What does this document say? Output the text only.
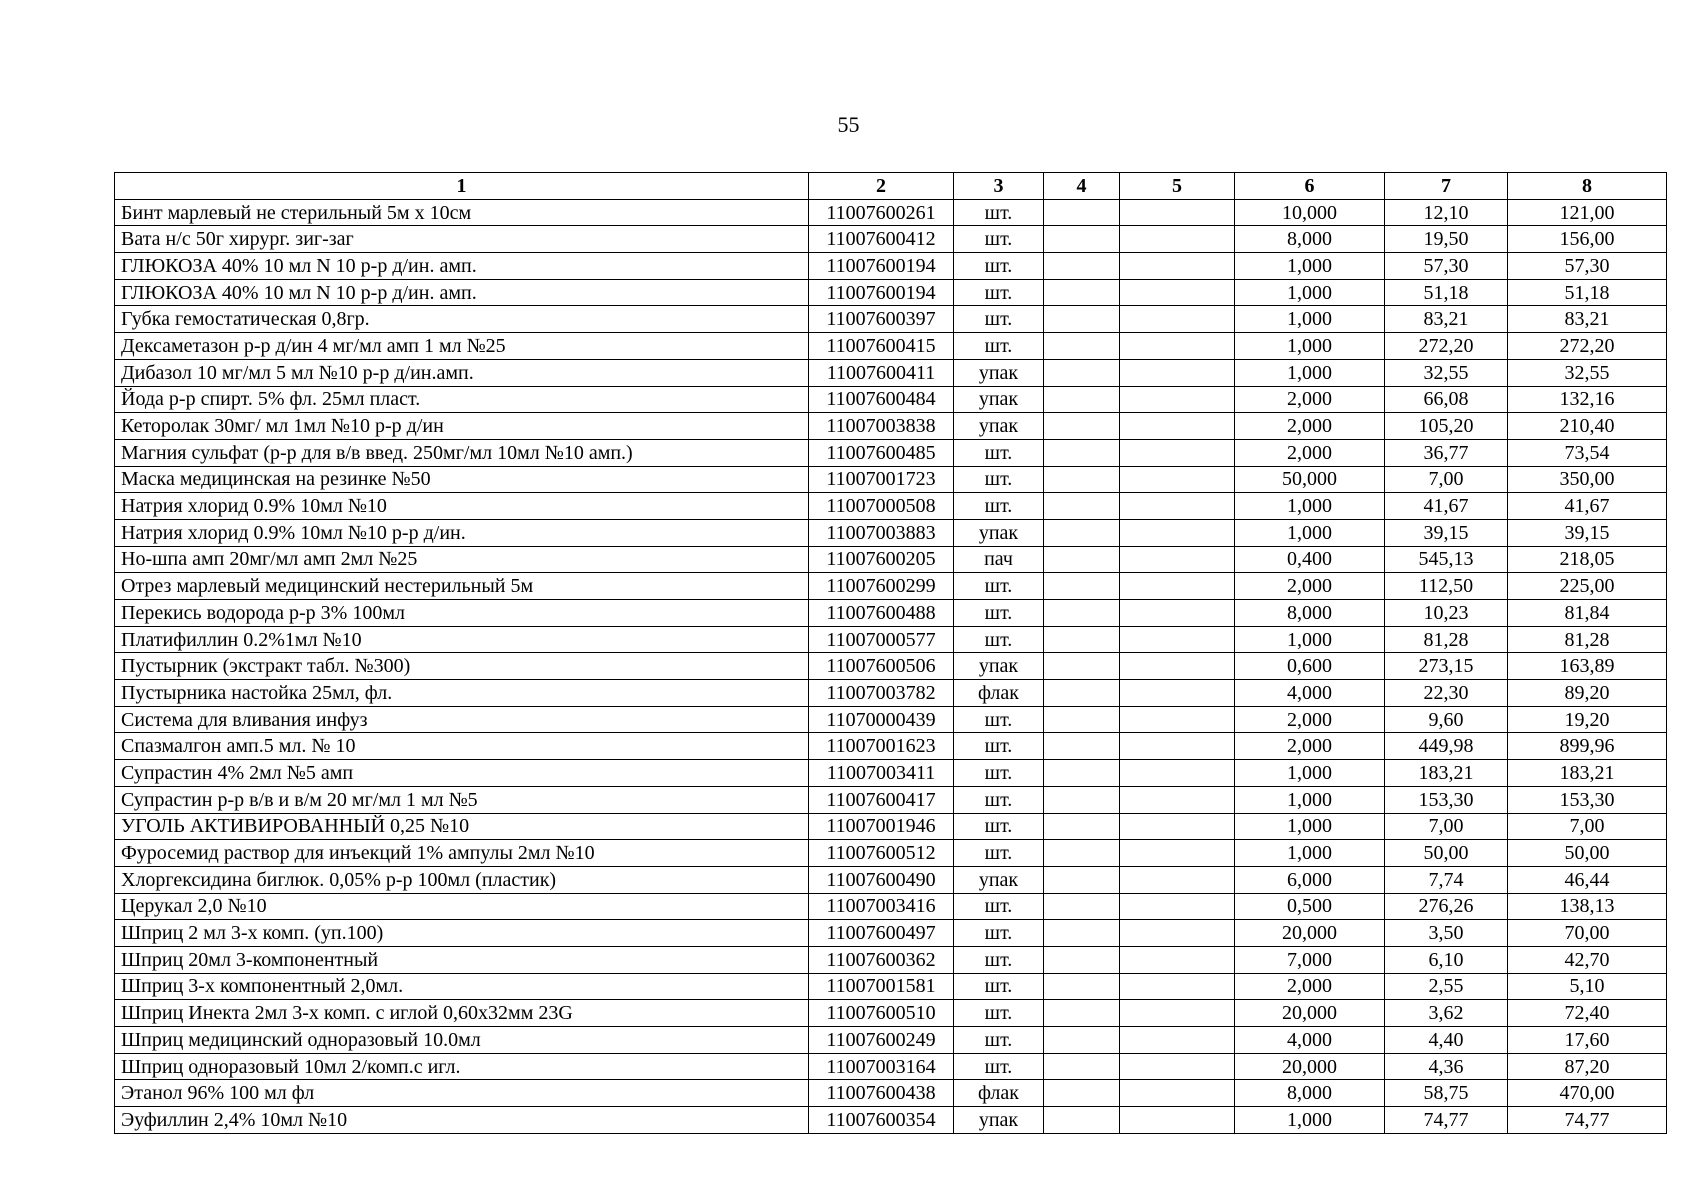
55
1	2	3	4	5	6	7	8
Бинт марлевый не стерильный 5м х 10см	11007600261	шт.			10,000	12,10	121,00
Вата н/с 50г хирург. зиг-заг	11007600412	шт.			8,000	19,50	156,00
ГЛЮКОЗА 40% 10 мл N 10 р-р д/ин. амп.	11007600194	шт.			1,000	57,30	57,30
ГЛЮКОЗА 40% 10 мл N 10 р-р д/ин. амп.	11007600194	шт.			1,000	51,18	51,18
Губка гемостатическая 0,8гр.	11007600397	шт.			1,000	83,21	83,21
Дексаметазон р-р д/ин 4 мг/мл амп 1 мл №25	11007600415	шт.			1,000	272,20	272,20
Дибазол 10 мг/мл 5 мл №10 р-р д/ин.амп.	11007600411	упак			1,000	32,55	32,55
Йода р-р спирт. 5% фл. 25мл пласт.	11007600484	упак			2,000	66,08	132,16
Кеторолак 30мг/ мл 1мл №10 р-р д/ин	11007003838	упак			2,000	105,20	210,40
Магния сульфат (р-р для в/в введ. 250мг/мл 10мл №10 амп.)	11007600485	шт.			2,000	36,77	73,54
Маска медицинская на резинке №50	11007001723	шт.			50,000	7,00	350,00
Натрия хлорид 0.9% 10мл №10	11007000508	шт.			1,000	41,67	41,67
Натрия хлорид 0.9% 10мл №10 р-р д/ин.	11007003883	упак			1,000	39,15	39,15
Но-шпа амп 20мг/мл амп 2мл №25	11007600205	пач			0,400	545,13	218,05
Отрез марлевый медицинский нестерильный 5м	11007600299	шт.			2,000	112,50	225,00
Перекись водорода р-р 3% 100мл	11007600488	шт.			8,000	10,23	81,84
Платифиллин 0.2%1мл №10	11007000577	шт.			1,000	81,28	81,28
Пустырник (экстракт табл. №300)	11007600506	упак			0,600	273,15	163,89
Пустырника настойка 25мл, фл.	11007003782	флак			4,000	22,30	89,20
Система для вливания инфуз	11070000439	шт.			2,000	9,60	19,20
Спазмалгон амп.5 мл. № 10	11007001623	шт.			2,000	449,98	899,96
Супрастин 4% 2мл №5 амп	11007003411	шт.			1,000	183,21	183,21
Супрастин р-р в/в и в/м 20 мг/мл 1 мл №5	11007600417	шт.			1,000	153,30	153,30
УГОЛЬ АКТИВИРОВАННЫЙ 0,25 №10	11007001946	шт.			1,000	7,00	7,00
Фуросемид раствор для инъекций 1% ампулы 2мл №10	11007600512	шт.			1,000	50,00	50,00
Хлоргексидина биглюк. 0,05% р-р 100мл (пластик)	11007600490	упак			6,000	7,74	46,44
Церукал 2,0 №10	11007003416	шт.			0,500	276,26	138,13
Шприц 2 мл 3-х комп. (уп.100)	11007600497	шт.			20,000	3,50	70,00
Шприц 20мл 3-компонентный	11007600362	шт.			7,000	6,10	42,70
Шприц 3-х компонентный 2,0мл.	11007001581	шт.			2,000	2,55	5,10
Шприц Инекта 2мл 3-х комп. с иглой 0,60х32мм 23G	11007600510	шт.			20,000	3,62	72,40
Шприц медицинский одноразовый 10.0мл	11007600249	шт.			4,000	4,40	17,60
Шприц одноразовый 10мл 2/комп.с игл.	11007003164	шт.			20,000	4,36	87,20
Этанол 96% 100 мл фл	11007600438	флак			8,000	58,75	470,00
Эуфиллин 2,4% 10мл №10	11007600354	упак			1,000	74,77	74,77
